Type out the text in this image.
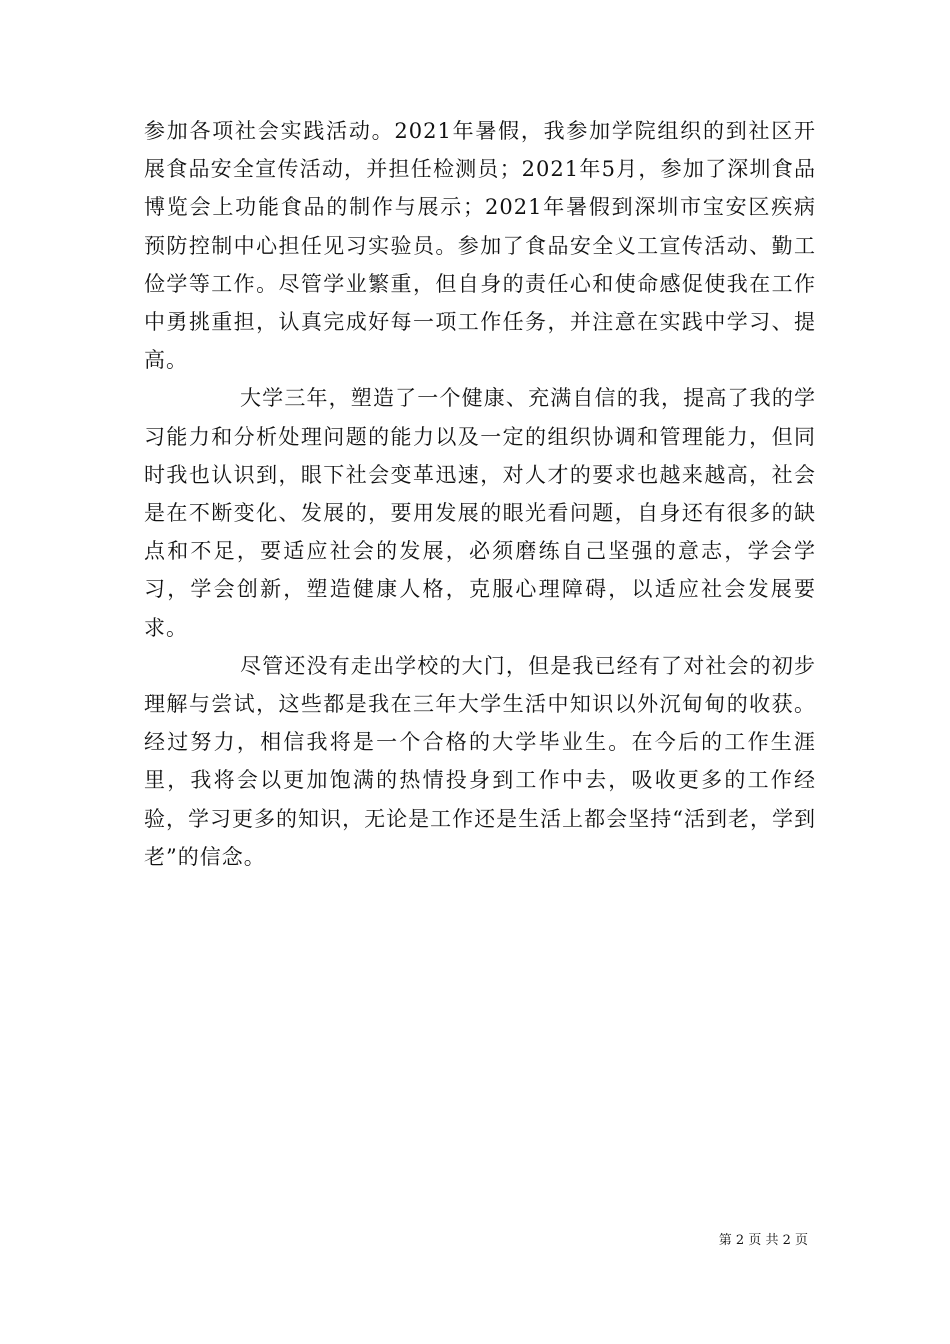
参加各项社会实践活动。2021年暑假，我参加学院组织的到社区开展食品安全宣传活动，并担任检测员；2021年5月，参加了深圳食品博览会上功能食品的制作与展示；2021年暑假到深圳市宝安区疾病预防控制中心担任见习实验员。参加了食品安全义工宣传活动、勤工俭学等工作。尽管学业繁重，但自身的责任心和使命感促使我在工作中勇挑重担，认真完成好每一项工作任务，并注意在实践中学习、提高。

大学三年，塑造了一个健康、充满自信的我，提高了我的学习能力和分析处理问题的能力以及一定的组织协调和管理能力，但同时我也认识到，眼下社会变革迅速，对人才的要求也越来越高，社会是在不断变化、发展的，要用发展的眼光看问题，自身还有很多的缺点和不足，要适应社会的发展，必须磨练自己坚强的意志，学会学习，学会创新，塑造健康人格，克服心理障碍，以适应社会发展要求。

尽管还没有走出学校的大门，但是我已经有了对社会的初步理解与尝试，这些都是我在三年大学生活中知识以外沉甸甸的收获。经过努力，相信我将是一个合格的大学毕业生。在今后的工作生涯里，我将会以更加饱满的热情投身到工作中去，吸收更多的工作经验，学习更多的知识，无论是工作还是生活上都会坚持“活到老，学到老”的信念。

第 2 页 共 2 页
